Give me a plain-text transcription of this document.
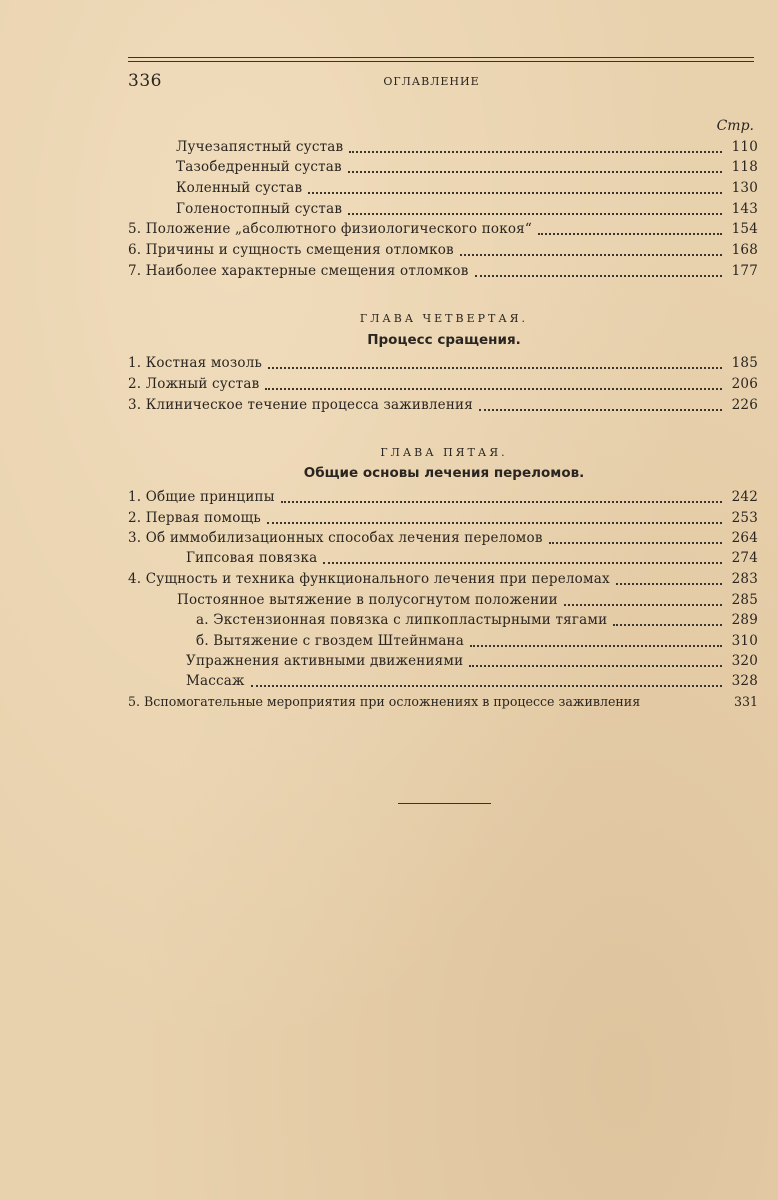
336	ОГЛАВЛЕНИЕ
Стр.
Лучезапястный сустав	110
Тазобедренный сустав	118
Коленный сустав	130
Голеностопный сустав	143
5. Положение „абсолютного физиологического покоя“	154
6. Причины и сущность смещения отломков	168
7. Наиболее характерные смещения отломков	177
ГЛАВА ЧЕТВЕРТАЯ.
Процесс сращения.
1. Костная мозоль	185
2. Ложный сустав	206
3. Клиническое течение процесса заживления	226
ГЛАВА ПЯТАЯ.
Общие основы лечения переломов.
1. Общие принципы	242
2. Первая помощь	253
3. Об иммобилизационных способах лечения переломов	264
Гипсовая повязка	274
4. Сущность и техника функционального лечения при переломах	283
Постоянное вытяжение в полусогнутом положении	285
а. Экстензионная повязка с липкопластырными тягами	289
б. Вытяжение с гвоздем Штейнмана	310
Упражнения активными движениями	320
Массаж	328
5. Вспомогательные мероприятия при осложнениях в процессе заживления	331
